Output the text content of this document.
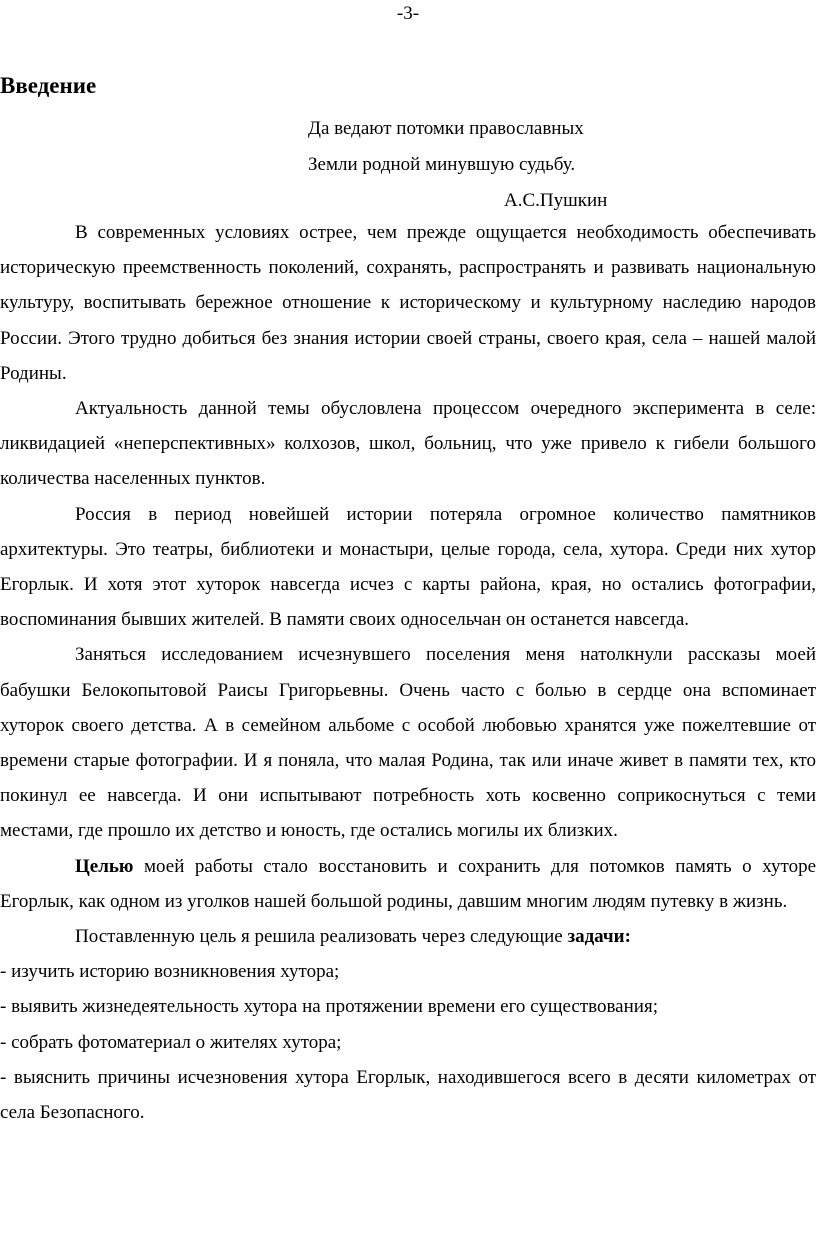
-3-
Введение
Да ведают потомки православных
Земли родной минувшую судьбу.
А.С.Пушкин

В современных условиях острее, чем прежде ощущается необходимость обеспечивать историческую преемственность поколений, сохранять, распространять и развивать национальную культуру, воспитывать бережное отношение к историческому и культурному наследию народов России. Этого трудно добиться без знания истории своей страны, своего края, села – нашей малой Родины.

Актуальность данной темы обусловлена процессом очередного эксперимента в селе: ликвидацией «неперспективных» колхозов, школ, больниц, что уже привело к гибели большого количества населенных пунктов.

Россия в период новейшей истории потеряла огромное количество памятников архитектуры. Это театры, библиотеки и монастыри, целые города, села, хутора. Среди них хутор Егорлык. И хотя этот хуторок навсегда исчез с карты района, края, но остались фотографии, воспоминания бывших жителей. В памяти своих односельчан он останется навсегда.

Заняться исследованием исчезнувшего поселения меня натолкнули рассказы моей бабушки Белокопытовой Раисы Григорьевны. Очень часто с болью в сердце она вспоминает хуторок своего детства. А в семейном альбоме с особой любовью хранятся уже пожелтевшие от времени старые фотографии. И я поняла, что малая Родина, так или иначе живет в памяти тех, кто покинул ее навсегда. И они испытывают потребность хоть косвенно соприкоснуться с теми местами, где прошло их детство и юность, где остались могилы их близких.

Целью моей работы стало восстановить и сохранить для потомков память о хуторе Егорлык, как одном из уголков нашей большой родины, давшим многим людям путевку в жизнь.

Поставленную цель я решила реализовать через следующие задачи:

- изучить историю возникновения хутора;

- выявить жизнедеятельность хутора на протяжении времени его существования;

- собрать фотоматериал о жителях хутора;

- выяснить причины исчезновения хутора Егорлык, находившегося всего в десяти километрах от села Безопасного.
